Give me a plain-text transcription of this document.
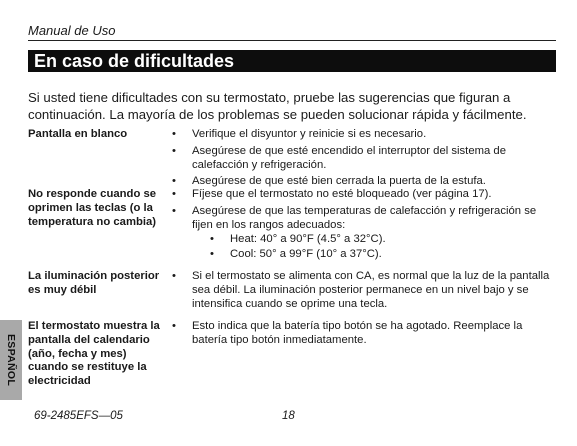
Manual de Uso
En caso de dificultades
Si usted tiene dificultades con su termostato, pruebe las sugerencias que figuran a continuación. La mayoría de los problemas se pueden solucionar rápida y fácilmente.
Pantalla en blanco
•	Verifique el disyuntor y reinicie si es necesario.
• Asegúrese de que esté encendido el interruptor del sistema de calefacción y refrigeración.
• Asegúrese de que esté bien cerrada la puerta de la estufa.
No responde cuando se oprimen las teclas (o la temperatura no cambia)
• Fíjese que el termostato no esté bloqueado (ver página 17).
• Asegúrese de que las temperaturas de calefacción y refrigeración se fijen en los rangos adecuados:
• Heat: 40° a 90°F (4.5° a 32°C).
• Cool: 50° a 99°F (10° a 37°C).
La iluminación posterior es muy débil
• Si el termostato se alimenta con CA, es normal que la luz de la pantalla sea débil. La iluminación posterior permanece en un nivel bajo y se intensifica cuando se oprime una tecla.
El termostato muestra la pantalla del calendario (año, fecha y mes) cuando se restituye la electricidad
• Esto indica que la batería tipo botón se ha agotado. Reemplace la batería tipo botón inmediatamente.
ESPAÑOL
69-2485EFS—05	18
